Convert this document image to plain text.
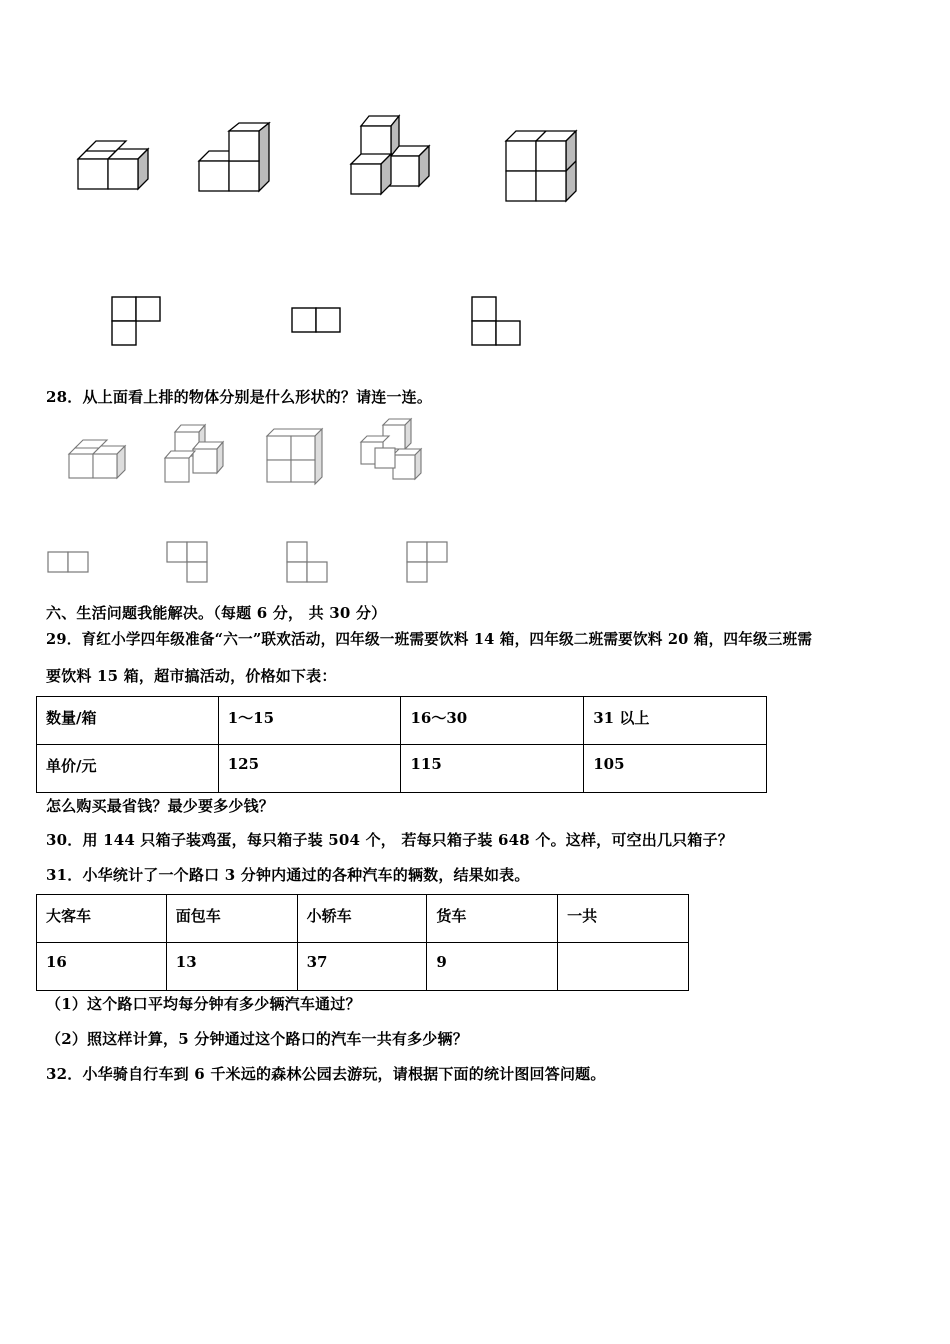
28．从上面看上排的物体分别是什么形状的？请连一连。
六、生活问题我能解决。（每题 6 分， 共 30 分）
29．育红小学四年级准备“六一”联欢活动，四年级一班需要饮料 14 箱，四年级二班需要饮料 20 箱，四年级三班需
要饮料 15 箱，超市搞活动，价格如下表：
数量/箱	1～15	16～30	31 以上
单价/元	125	115	105
怎么购买最省钱？最少要多少钱？
30．用 144 只箱子装鸡蛋，每只箱子装 504 个， 若每只箱子装 648 个。这样，可空出几只箱子？
31．小华统计了一个路口 3 分钟内通过的各种汽车的辆数，结果如表。
大客车	面包车	小轿车	货车	一共
16	13	37	9	
（1）这个路口平均每分钟有多少辆汽车通过？
（2）照这样计算，5 分钟通过这个路口的汽车一共有多少辆？
32．小华骑自行车到 6 千米远的森林公园去游玩，请根据下面的统计图回答问题。
